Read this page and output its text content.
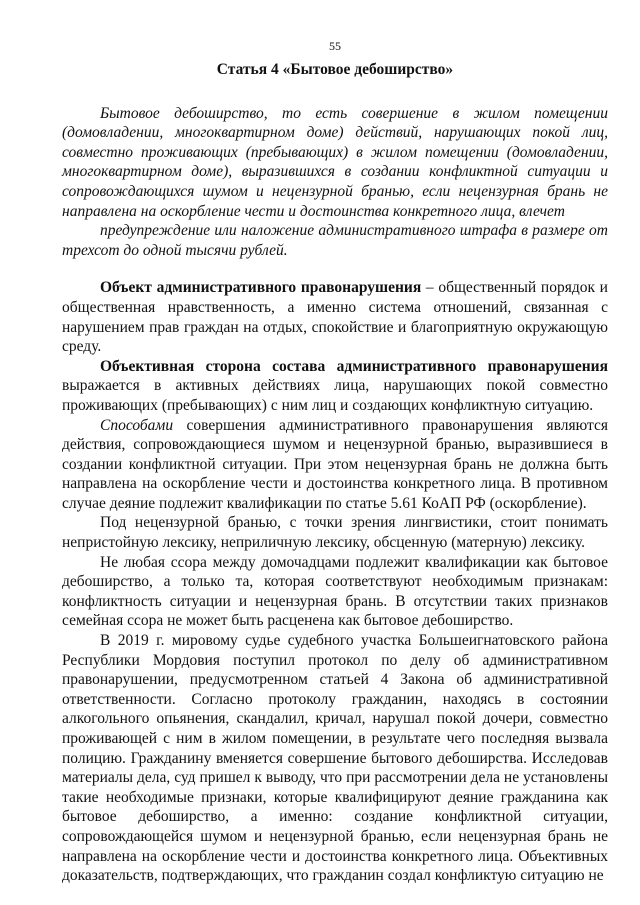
55
Статья 4 «Бытовое дебоширство»

Бытовое дебоширство, то есть совершение в жилом помещении (домовладении, многоквартирном доме) действий, нарушающих покой лиц, совместно проживающих (пребывающих) в жилом помещении (домовладении, многоквартирном доме), выразившихся в создании конфликтной ситуации и сопровождающихся шумом и нецензурной бранью, если нецензурная брань не направлена на оскорбление чести и достоинства конкретного лица, влечет

предупреждение или наложение административного штрафа в размере от трехсот до одной тысячи рублей.

Объект административного правонарушения – общественный порядок и общественная нравственность, а именно система отношений, связанная с нарушением прав граждан на отдых, спокойствие и благоприятную окружающую среду.

Объективная сторона состава административного правонарушения выражается в активных действиях лица, нарушающих покой совместно проживающих (пребывающих) с ним лиц и создающих конфликтную ситуацию.

Способами совершения административного правонарушения являются действия, сопровождающиеся шумом и нецензурной бранью, выразившиеся в создании конфликтной ситуации. При этом нецензурная брань не должна быть направлена на оскорбление чести и достоинства конкретного лица. В противном случае деяние подлежит квалификации по статье 5.61 КоАП РФ (оскорбление).

Под нецензурной бранью, с точки зрения лингвистики, стоит понимать непристойную лексику, неприличную лексику, обсценную (матерную) лексику.

Не любая ссора между домочадцами подлежит квалификации как бытовое дебоширство, а только та, которая соответствуют необходимым признакам: конфликтность ситуации и нецензурная брань. В отсутствии таких признаков семейная ссора не может быть расценена как бытовое дебоширство.

В 2019 г. мировому судье судебного участка Большеигнатовского района Республики Мордовия поступил протокол по делу об административном правонарушении, предусмотренном статьей 4 Закона об административной ответственности. Согласно протоколу гражданин, находясь в состоянии алкогольного опьянения, скандалил, кричал, нарушал покой дочери, совместно проживающей с ним в жилом помещении, в результате чего последняя вызвала полицию. Гражданину вменяется совершение бытового дебоширства. Исследовав материалы дела, суд пришел к выводу, что при рассмотрении дела не установлены такие необходимые признаки, которые квалифицируют деяние гражданина как бытовое дебоширство, а именно: создание конфликтной ситуации, сопровождающейся шумом и нецензурной бранью, если нецензурная брань не направлена на оскорбление чести и достоинства конкретного лица. Объективных доказательств, подтверждающих, что гражданин создал конфликтую ситуацию не
